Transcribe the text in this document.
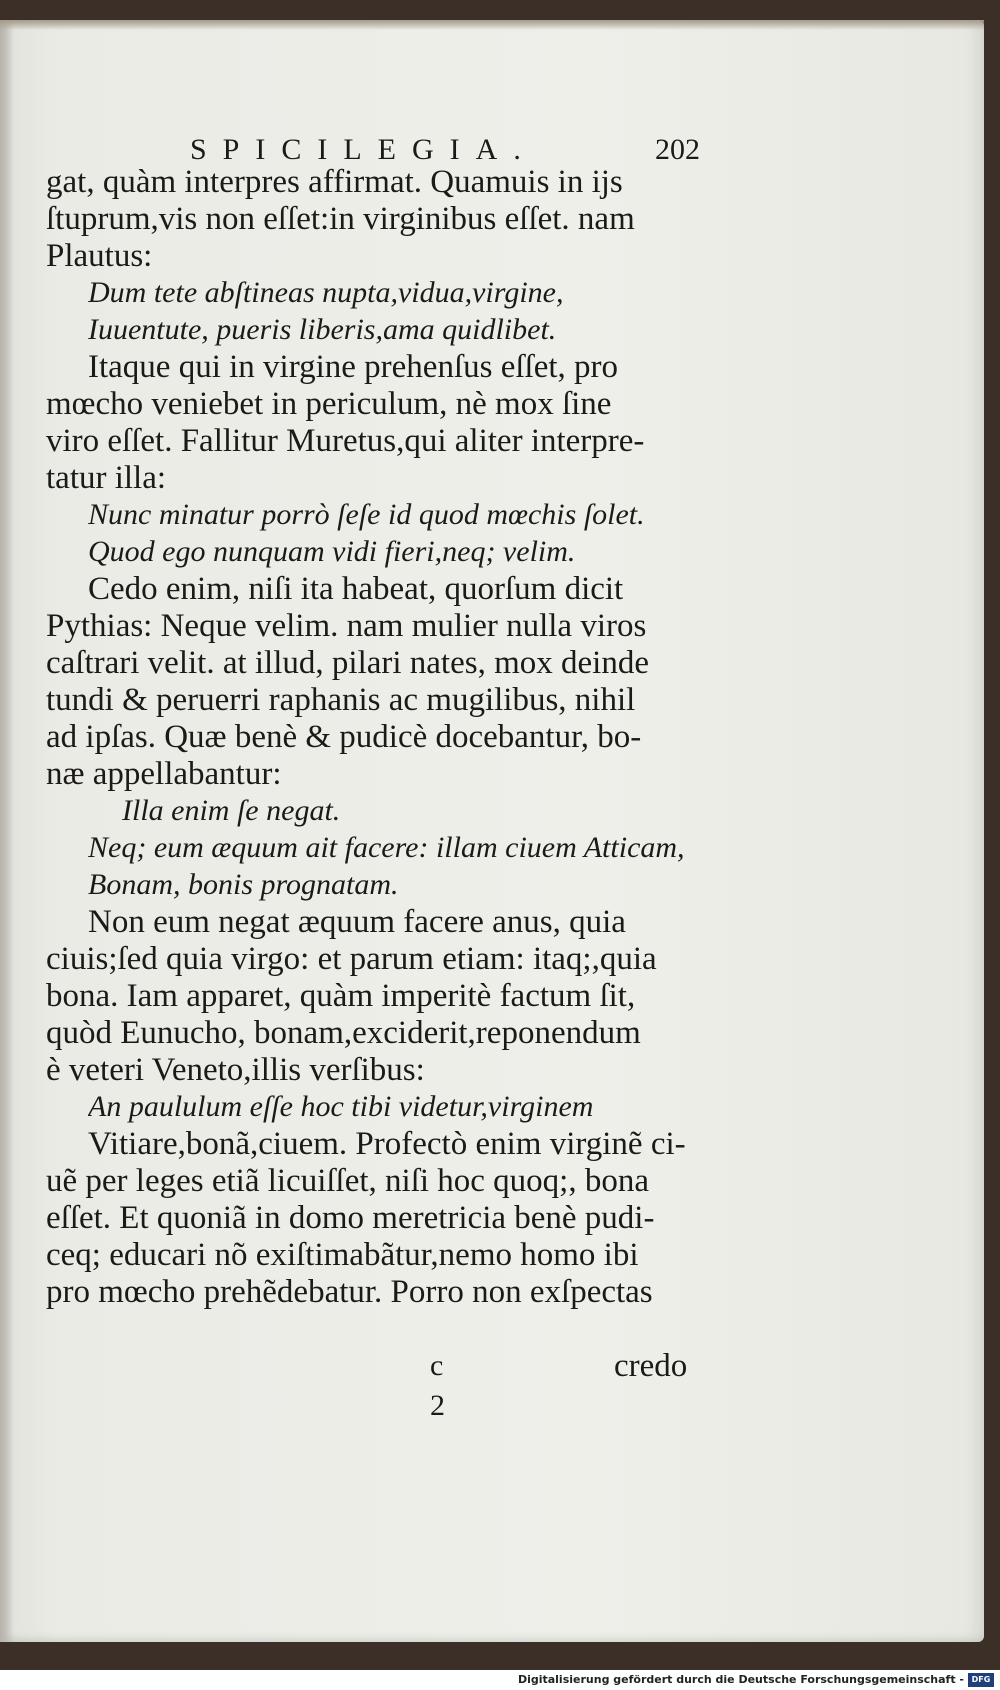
SPICILEGIA.	202
gat, quàm interpres affirmat. Quamuis in ijs
ſtuprum,vis non eſſet:in virginibus eſſet. nam
Plautus:
Dum tete abſtineas nupta,vidua,virgine,
Iuuentute, pueris liberis,ama quidlibet.
Itaque qui in virgine prehenſus eſſet, pro
mœcho veniebet in periculum, nè mox ſine
viro eſſet. Fallitur Muretus,qui aliter interpre-
tatur illa:
Nunc minatur porrò ſeſe id quod mœchis ſolet.
Quod ego nunquam vidi fieri,neq; velim.
Cedo enim, niſi ita habeat, quorſum dicit
Pythias: Neque velim. nam mulier nulla viros
caſtrari velit. at illud, pilari nates, mox deinde
tundi & peruerri raphanis ac mugilibus, nihil
ad ipſas. Quæ benè & pudicè docebantur, bo-
næ appellabantur:
Illa enim ſe negat.
Neq; eum æquum ait facere: illam ciuem Atticam,
Bonam, bonis prognatam.
Non eum negat æquum facere anus, quia
ciuis;ſed quia virgo: et parum etiam: itaq;,quia
bona. Iam apparet, quàm imperitè factum ſit,
quòd Eunucho, bonam,exciderit,reponendum
è veteri Veneto,illis verſibus:
An paululum eſſe hoc tibi videtur,virginem
Vitiare,bonã,ciuem. Profectò enim virginẽ ci-
uẽ per leges etiã licuiſſet, niſi hoc quoq;, bona
eſſet. Et quoniã in domo meretricia benè pudi-
ceq; educari nõ exiſtimabãtur,nemo homo ibi
pro mœcho prehẽdebatur. Porro non exſpectas
c 2
credo
Digitalisierung gefördert durch die Deutsche Forschungsgemeinschaft - DFG
